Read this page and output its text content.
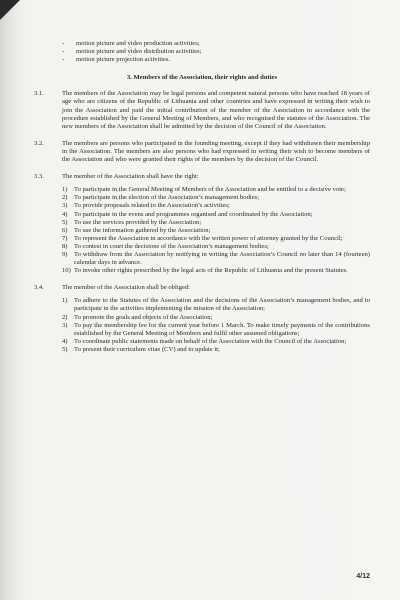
- motion picture and video production activities;
- motion picture and video distribution activities;
- motion picture projection activities.
3. Members of the Association, their rights and duties
3.1.	The members of the Association may be legal persons and competent natural persons who have reached 18 years of age who are citizens of the Republic of Lithuania and other countries and have expressed in writing their wish to join the Association and paid the initial contribution of the member of the Association in accordance with the procedure established by the General Meeting of Members, and who recognised the statutes of the Association. The new members of the Association shall be admitted by the decision of the Council of the Association.
3.2.	The members are persons who participated in the founding meeting, except if they had withdrawn their membership in the Association. The members are also persons who had expressed in writing their wish to become members of the Association and who were granted their rights of the members by the decision of the Council.
3.3.	The member of the Association shall have the right:
1) To participate in the General Meeting of Members of the Association and be entitled to a decisive vote;
2) To participate in the election of the Association’s management bodies;
3) To provide proposals related to the Association’s activities;
4) To participate in the evens and programmes organised and coordinated by the Association;
5) To use the services provided by the Association;
6) To use the information gathered by the Association;
7) To represent the Association in accordance with the written power of attorney granted by the Council;
8) To contest in court the decisions of the Association’s management bodies;
9) To withdraw from the Association by notifying in writing the Association’s Council no later than 14 (fourteen) calendar days in advance.
10) To invoke other rights prescribed by the legal acts of the Republic of Lithuania and the present Statutes.
3.4.	The member of the Association shall be obliged:
1) To adhere to the Statutes of the Association and the decisions of the Association’s management bodies, and to participate in the activities implementing the mission of the Association;
2) To promote the goals and objects of the Association;
3) To pay the membership fee for the current year before 1 March. To make timely payments of the contributions established by the General Meeting of Members and fulfil other assumed obligations;
4) To coordinate public statements made on behalf of the Association with the Council of the Association;
5) To present their curriculum vitae (CV) and to update it;
4/12
